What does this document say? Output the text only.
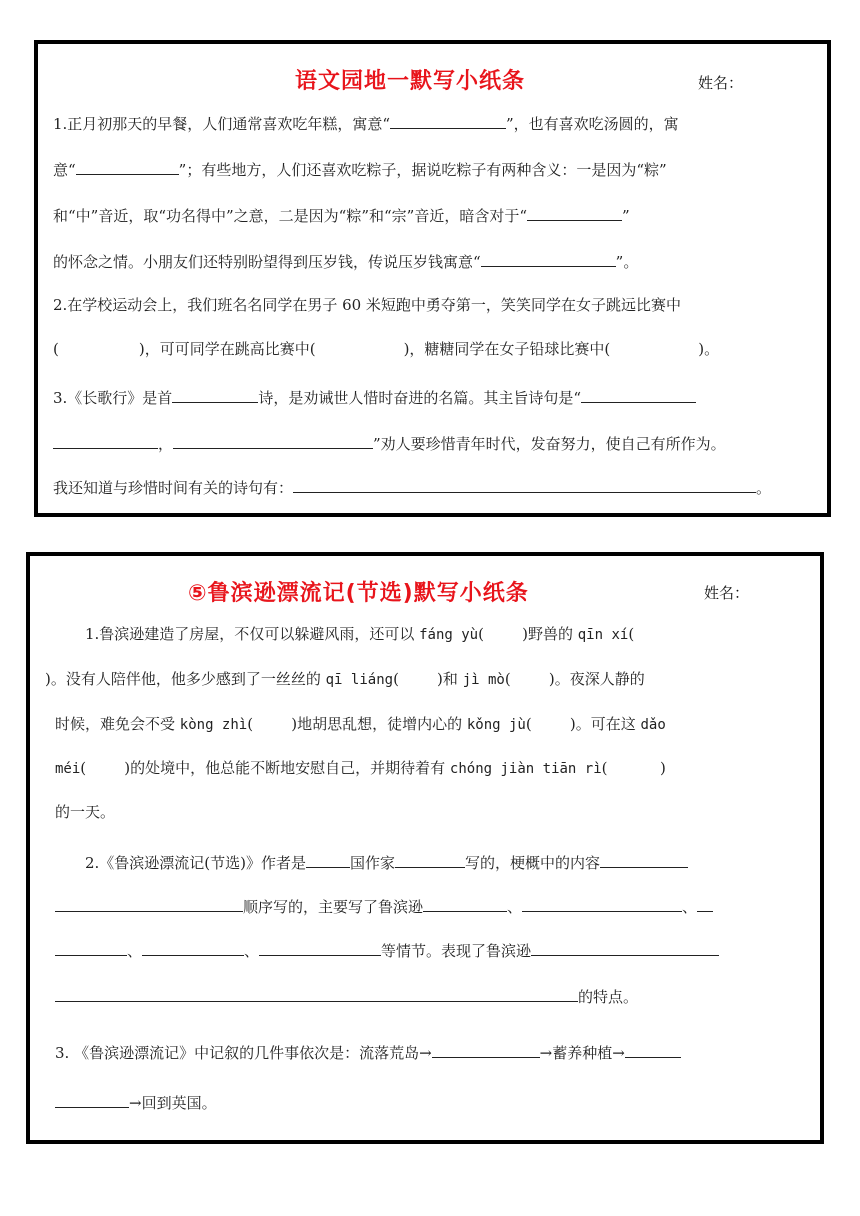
语文园地一默写小纸条	姓名：
1.正月初那天的早餐，人们通常喜欢吃年糕，寓意“	”，也有喜欢吃汤圆的，寓
意“	”；有些地方，人们还喜欢吃粽子，据说吃粽子有两种含义：一是因为“粽”
和“中”音近，取“功名得中”之意，二是因为“粽”和“宗”音近，暗含对于“	”
的怀念之情。小朋友们还特别盼望得到压岁钱，传说压岁钱寓意“	”。
2.在学校运动会上，我们班名名同学在男子 60 米短跑中勇夺第一，笑笑同学在女子跳远比赛中
(	)，可可同学在跳高比赛中(	)，糖糖同学在女子铅球比赛中(	)。
3.《长歌行》是首	诗，是劝诫世人惜时奋进的名篇。其主旨诗句是“
，	”劝人要珍惜青年时代，发奋努力，使自己有所作为。
我还知道与珍惜时间有关的诗句有：	。
⑤鲁滨逊漂流记(节选)默写小纸条	姓名：
1.鲁滨逊建造了房屋，不仅可以躲避风雨，还可以 fáng yù(        )野兽的 qīn xí(
)。没有人陪伴他，他多少感到了一丝丝的 qī liáng(        )和 jì mò(        )。夜深人静的
时候，难免会不受 kòng zhì(        )地胡思乱想，徒增内心的 kǒng jù(        )。可在这 dǎo
méi(        )的处境中，他总能不断地安慰自己，并期待着有 chóng jiàn tiān rì(           )
的一天。
2.《鲁滨逊漂流记(节选)》作者是	国作家	写的，梗概中的内容
顺序写的，主要写了鲁滨逊	、	、
、	、	等情节。表现了鲁滨逊
的特点。
3. 《鲁滨逊漂流记》中记叙的几件事依次是：流落荒岛→	→蓄养种植→
→回到英国。
